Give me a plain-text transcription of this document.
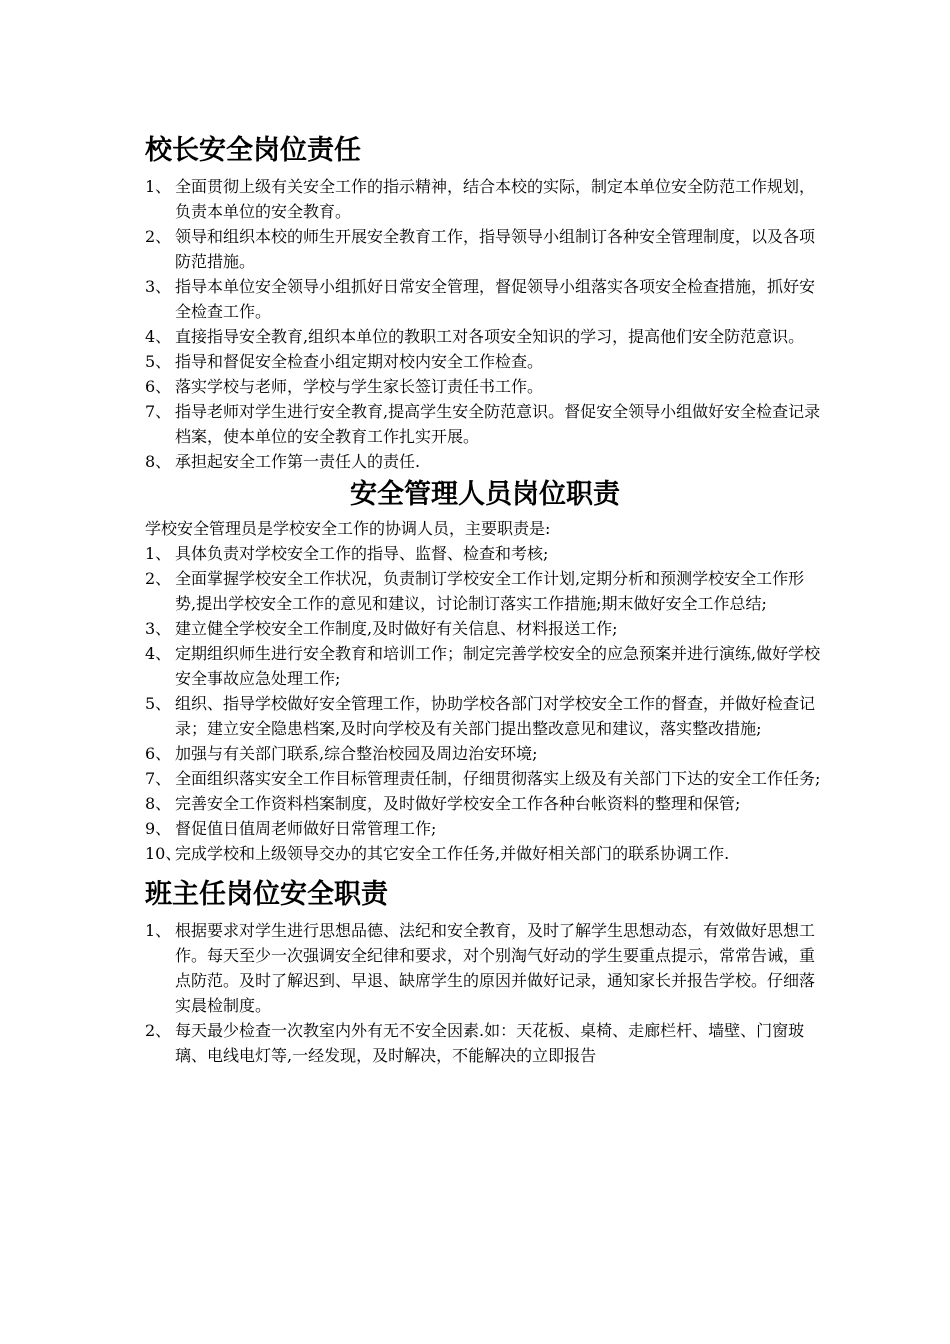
校长安全岗位责任
1、 全面贯彻上级有关安全工作的指示精神，结合本校的实际，制定本单位安全防范工作规划，负责本单位的安全教育。
2、 领导和组织本校的师生开展安全教育工作，指导领导小组制订各种安全管理制度，以及各项防范措施。
3、 指导本单位安全领导小组抓好日常安全管理，督促领导小组落实各项安全检查措施，抓好安全检查工作。
4、 直接指导安全教育,组织本单位的教职工对各项安全知识的学习，提高他们安全防范意识。
5、 指导和督促安全检查小组定期对校内安全工作检查。
6、 落实学校与老师，学校与学生家长签订责任书工作。
7、 指导老师对学生进行安全教育,提高学生安全防范意识。督促安全领导小组做好安全检查记录档案，使本单位的安全教育工作扎实开展。
8、 承担起安全工作第一责任人的责任.
安全管理人员岗位职责

学校安全管理员是学校安全工作的协调人员，主要职责是:

1、 具体负责对学校安全工作的指导、监督、检查和考核;
2、 全面掌握学校安全工作状况，负责制订学校安全工作计划,定期分析和预测学校安全工作形势,提出学校安全工作的意见和建议，讨论制订落实工作措施;期末做好安全工作总结;
3、 建立健全学校安全工作制度,及时做好有关信息、材料报送工作;
4、 定期组织师生进行安全教育和培训工作；制定完善学校安全的应急预案并进行演练,做好学校安全事故应急处理工作;
5、 组织、指导学校做好安全管理工作，协助学校各部门对学校安全工作的督查，并做好检查记录；建立安全隐患档案,及时向学校及有关部门提出整改意见和建议，落实整改措施;
6、 加强与有关部门联系,综合整治校园及周边治安环境;
7、 全面组织落实安全工作目标管理责任制，仔细贯彻落实上级及有关部门下达的安全工作任务;
8、 完善安全工作资料档案制度，及时做好学校安全工作各种台帐资料的整理和保管;
9、 督促值日值周老师做好日常管理工作;
10、
完成学校和上级领导交办的其它安全工作任务,并做好相关部门的联系协调工作.
班主任岗位安全职责
1、 根据要求对学生进行思想品德、法纪和安全教育，及时了解学生思想动态，有效做好思想工作。每天至少一次强调安全纪律和要求，对个别淘气好动的学生要重点提示，常常告诫，重点防范。及时了解迟到、早退、缺席学生的原因并做好记录，通知家长并报告学校。仔细落实晨检制度。
2、 每天最少检查一次教室内外有无不安全因素.如：天花板、桌椅、走廊栏杆、墙壁、门窗玻璃、电线电灯等,一经发现，及时解决，不能解决的立即报告
